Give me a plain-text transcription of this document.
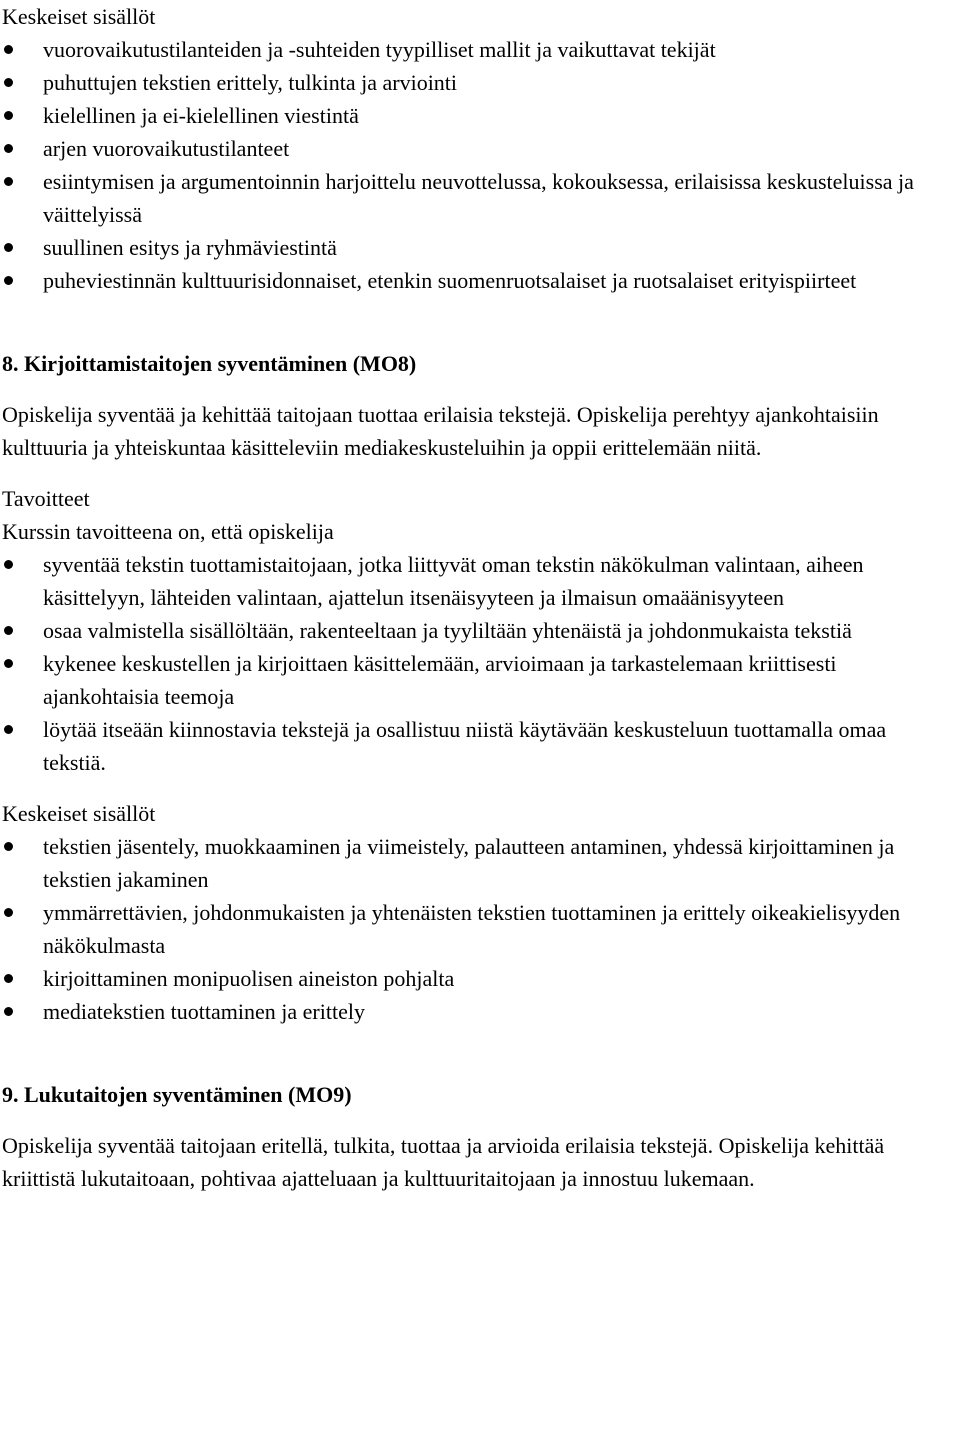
Keskeiset sisällöt
vuorovaikutustilanteiden ja -suhteiden tyypilliset mallit ja vaikuttavat tekijät
puhuttujen tekstien erittely, tulkinta ja arviointi
kielellinen ja ei-kielellinen viestintä
arjen vuorovaikutustilanteet
esiintymisen ja argumentoinnin harjoittelu neuvottelussa, kokouksessa, erilaisissa keskusteluissa ja väittelyissä
suullinen esitys ja ryhmäviestintä
puheviestinnän kulttuurisidonnaiset, etenkin suomenruotsalaiset ja ruotsalaiset erityispiirteet
8. Kirjoittamistaitojen syventäminen (MO8)

Opiskelija syventää ja kehittää taitojaan tuottaa erilaisia tekstejä. Opiskelija perehtyy ajankohtaisiin kulttuuria ja yhteiskuntaa käsitteleviin mediakeskusteluihin ja oppii erittelemään niitä.

Tavoitteet
Kurssin tavoitteena on, että opiskelija
syventää tekstin tuottamistaitojaan, jotka liittyvät oman tekstin näkökulman valintaan, aiheen käsittelyyn, lähteiden valintaan, ajattelun itsenäisyyteen ja ilmaisun omaäänisyyteen
osaa valmistella sisällöltään, rakenteeltaan ja tyyliltään yhtenäistä ja johdonmukaista tekstiä
kykenee keskustellen ja kirjoittaen käsittelemään, arvioimaan ja tarkastelemaan kriittisesti ajankohtaisia teemoja
löytää itseään kiinnostavia tekstejä ja osallistuu niistä käytävään keskusteluun tuottamalla omaa tekstiä.
Keskeiset sisällöt
tekstien jäsentely, muokkaaminen ja viimeistely, palautteen antaminen, yhdessä kirjoittaminen ja tekstien jakaminen
ymmärrettävien, johdonmukaisten ja yhtenäisten tekstien tuottaminen ja erittely oikeakielisyyden näkökulmasta
kirjoittaminen monipuolisen aineiston pohjalta
mediatekstien tuottaminen ja erittely
9. Lukutaitojen syventäminen (MO9)

Opiskelija syventää taitojaan eritellä, tulkita, tuottaa ja arvioida erilaisia tekstejä. Opiskelija kehittää kriittistä lukutaitoaan, pohtivaa ajatteluaan ja kulttuuritaitojaan ja innostuu lukemaan.
